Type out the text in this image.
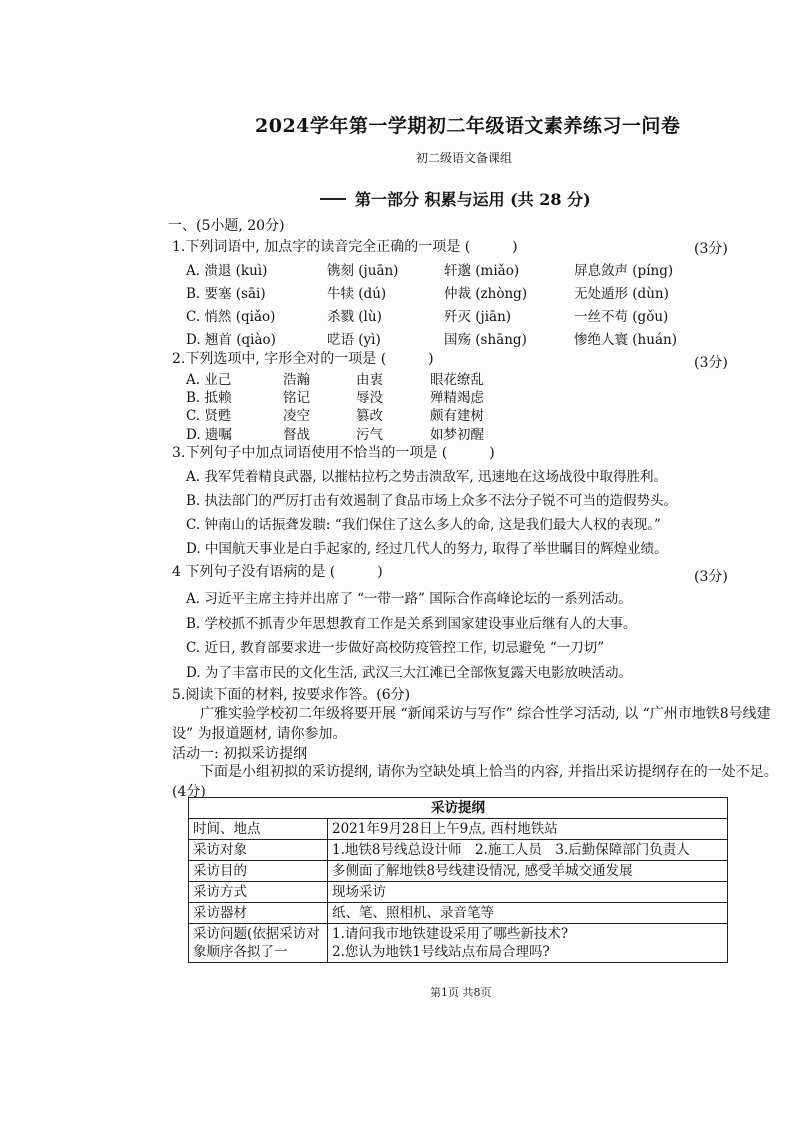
2024学年第一学期初二年级语文素养练习一问卷
初二级语文备课组
第一部分 积累与运用 (共 28 分)
一、(5小题, 20分)
1.下列词语中, 加点字的读音完全正确的一项是 (　　　)	(3分)
A. 溃退 (kuì)	镌刻 (juān)	轩邈 (miǎo)	屏息敛声 (píng)
B. 要塞 (sāi)	牛犊 (dú)	仲裁 (zhòng)	无处遁形 (dùn)
C. 悄然 (qiǎo)	杀戮 (lù)	歼灭 (jiān)	一丝不苟 (gǒu)
D. 翘首 (qiào)	呓语 (yì)	国殇 (shāng)	惨绝人寰 (huán)
2.下列选项中, 字形全对的一项是 (　　　)	(3分)
A. 业己	浩瀚	由衷	眼花缭乱
B. 抵赖	铭记	辱没	殚精竭虑
C. 贤甦	凌空	篡改	颇有建树
D. 遗嘱	督战	污气	如梦初醒
3.下列句子中加点词语使用不恰当的一项是 (　　　)
A. 我军凭着精良武器, 以摧枯拉朽之势击溃敌军, 迅速地在这场战役中取得胜利。
B. 执法部门的严厉打击有效遏制了食品市场上众多不法分子锐不可当的造假势头。
C. 钟南山的话振聋发聩: “我们保住了这么多人的命, 这是我们最大人权的表现。”
D. 中国航天事业是白手起家的, 经过几代人的努力, 取得了举世瞩目的辉煌业绩。
4 下列句子没有语病的是 (　　　)	(3分)
A. 习近平主席主持并出席了 “一带一路” 国际合作高峰论坛的一系列活动。
B. 学校抓不抓青少年思想教育工作是关系到国家建设事业后继有人的大事。
C. 近日, 教育部要求进一步做好高校防疫管控工作, 切忌避免 “一刀切”
D. 为了丰富市民的文化生活, 武汉三大江滩已全部恢复露天电影放映活动。
5.阅读下面的材料, 按要求作答。(6分)
广雅实验学校初二年级将要开展 “新闻采访与写作” 综合性学习活动, 以 “广州市地铁8号线建设” 为报道题材, 请你参加。
活动一: 初拟采访提纲
下面是小组初拟的采访提纲, 请你为空缺处填上恰当的内容, 并指出采访提纲存在的一处不足。(4分)
采访提纲	
时间、地点	2021年9月28日上午9点, 西村地铁站
采访对象	1.地铁8号线总设计师　2.施工人员　3.后勤保障部门负责人
采访目的	多侧面了解地铁8号线建设情况, 感受羊城交通发展
采访方式	现场采访
采访器材	纸、笔、照相机、录音笔等
采访问题(依据采访对象顺序各拟了一	1.请问我市地铁建设采用了哪些新技术?
2.您认为地铁1号线站点布局合理吗?
第1页 共8页
